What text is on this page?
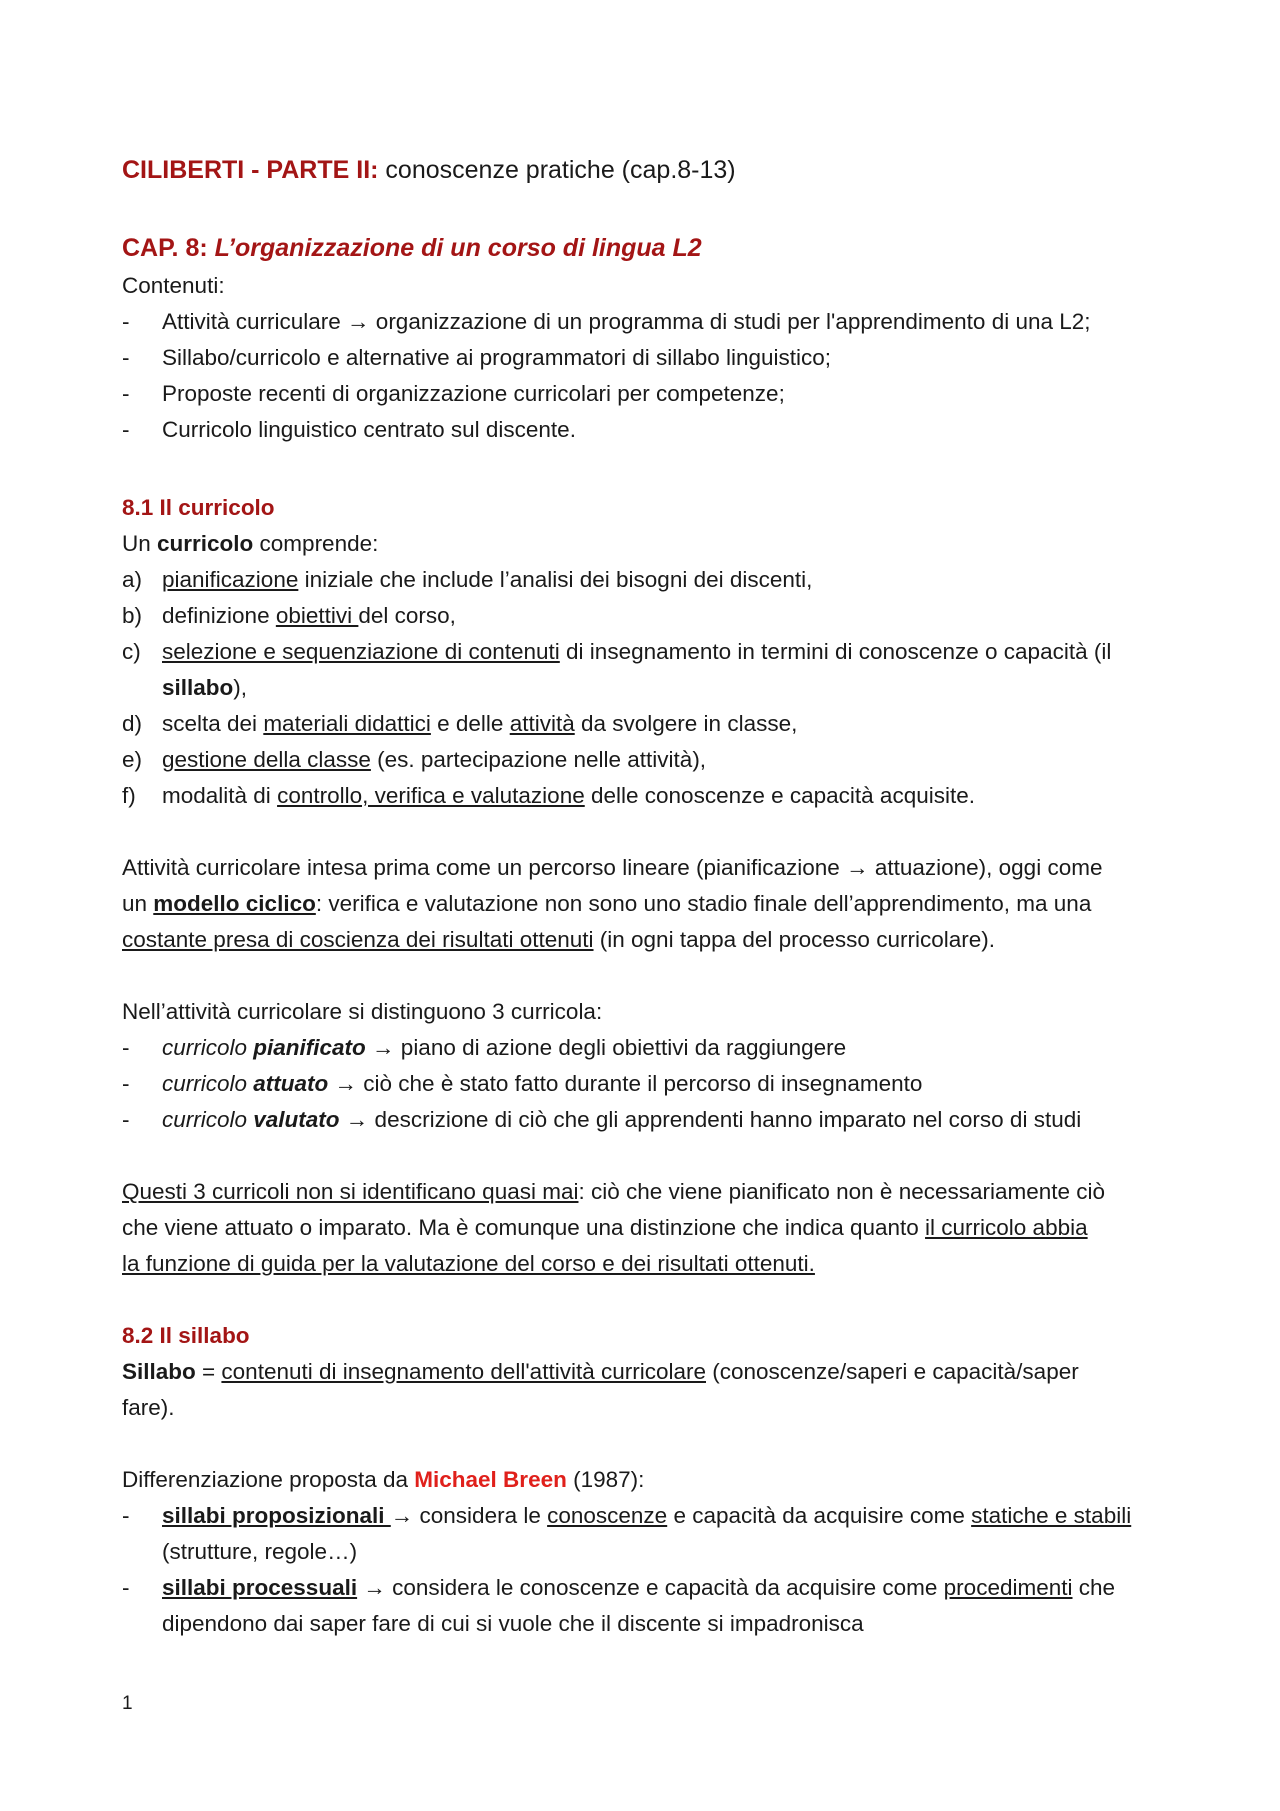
CILIBERTI - PARTE II: conoscenze pratiche (cap.8-13)
CAP. 8: L’organizzazione di un corso di lingua L2
Contenuti:
- Attività curriculare → organizzazione di un programma di studi per l'apprendimento di una L2;
- Sillabo/curricolo e alternative ai programmatori di sillabo linguistico;
- Proposte recenti di organizzazione curricolari per competenze;
- Curricolo linguistico centrato sul discente.
8.1 Il curricolo
Un curricolo comprende:
a) pianificazione iniziale che include l’analisi dei bisogni dei discenti,
b) definizione obiettivi del corso,
c) selezione e sequenziazione di contenuti di insegnamento in termini di conoscenze o capacità (il
sillabo),
d) scelta dei materiali didattici e delle attività da svolgere in classe,
e) gestione della classe (es. partecipazione nelle attività),
f) modalità di controllo, verifica e valutazione delle conoscenze e capacità acquisite.
Attività curricolare intesa prima come un percorso lineare (pianificazione → attuazione), oggi come
un modello ciclico: verifica e valutazione non sono uno stadio finale dell’apprendimento, ma una
costante presa di coscienza dei risultati ottenuti (in ogni tappa del processo curricolare).
Nell’attività curricolare si distinguono 3 curricola:
- curricolo pianificato → piano di azione degli obiettivi da raggiungere
- curricolo attuato → ciò che è stato fatto durante il percorso di insegnamento
- curricolo valutato → descrizione di ciò che gli apprendenti hanno imparato nel corso di studi
Questi 3 curricoli non si identificano quasi mai: ciò che viene pianificato non è necessariamente ciò
che viene attuato o imparato. Ma è comunque una distinzione che indica quanto il curricolo abbia
la funzione di guida per la valutazione del corso e dei risultati ottenuti.
8.2 Il sillabo
Sillabo = contenuti di insegnamento dell'attività curricolare (conoscenze/saperi e capacità/saper
fare).
Differenziazione proposta da Michael Breen (1987):
- sillabi proposizionali → considera le conoscenze e capacità da acquisire come statiche e stabili
(strutture, regole…)
- sillabi processuali → considera le conoscenze e capacità da acquisire come procedimenti che
dipendono dai saper fare di cui si vuole che il discente si impadronisca
1
